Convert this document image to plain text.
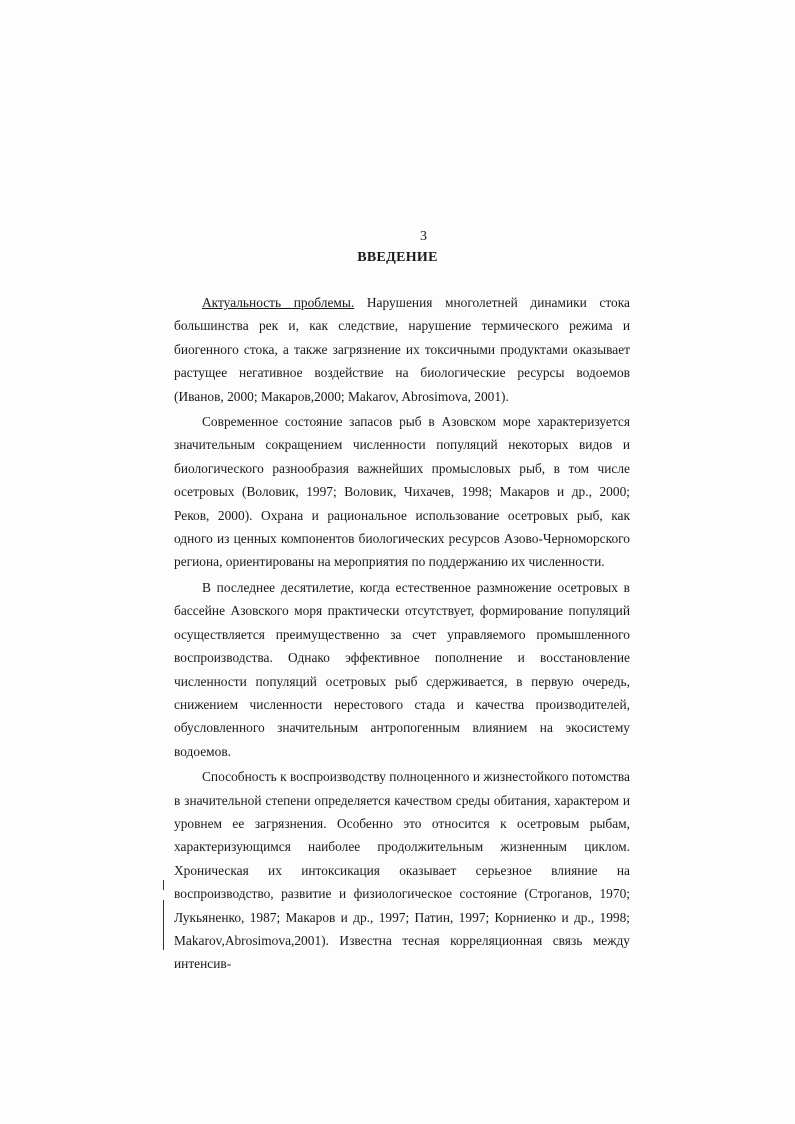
3
ВВЕДЕНИЕ

Актуальность проблемы. Нарушения многолетней динамики стока большинства рек и, как следствие, нарушение термического режима и биогенного стока, а также загрязнение их токсичными продуктами оказывает растущее негативное воздействие на биологические ресурсы водоемов (Иванов, 2000; Макаров,2000; Makarov, Abrosimova, 2001).

Современное состояние запасов рыб в Азовском море характеризуется значительным сокращением численности популяций некоторых видов и биологического разнообразия важнейших промысловых рыб, в том числе осетровых (Воловик, 1997; Воловик, Чихачев, 1998; Макаров и др., 2000; Реков, 2000). Охрана и рациональное использование осетровых рыб, как одного из ценных компонентов биологических ресурсов Азово-Черноморского региона, ориентированы на мероприятия по поддержанию их численности.

В последнее десятилетие, когда естественное размножение осетровых в бассейне Азовского моря практически отсутствует, формирование популяций осуществляется преимущественно за счет управляемого промышленного воспроизводства. Однако эффективное пополнение и восстановление численности популяций осетровых рыб сдерживается, в первую очередь, снижением численности нерестового стада и качества производителей, обусловленного значительным антропогенным влиянием на экосистему водоемов.

Способность к воспроизводству полноценного и жизнестойкого потомства в значительной степени определяется качеством среды обитания, характером и уровнем ее загрязнения. Особенно это относится к осетровым рыбам, характеризующимся наиболее продолжительным жизненным циклом. Хроническая их интоксикация оказывает серьезное влияние на воспроизводство, развитие и физиологическое состояние (Строганов, 1970; Лукьяненко, 1987; Макаров и др., 1997; Патин, 1997; Корниенко и др., 1998; Makarov,Abrosimova,2001). Известна тесная корреляционная связь между интенсив-
